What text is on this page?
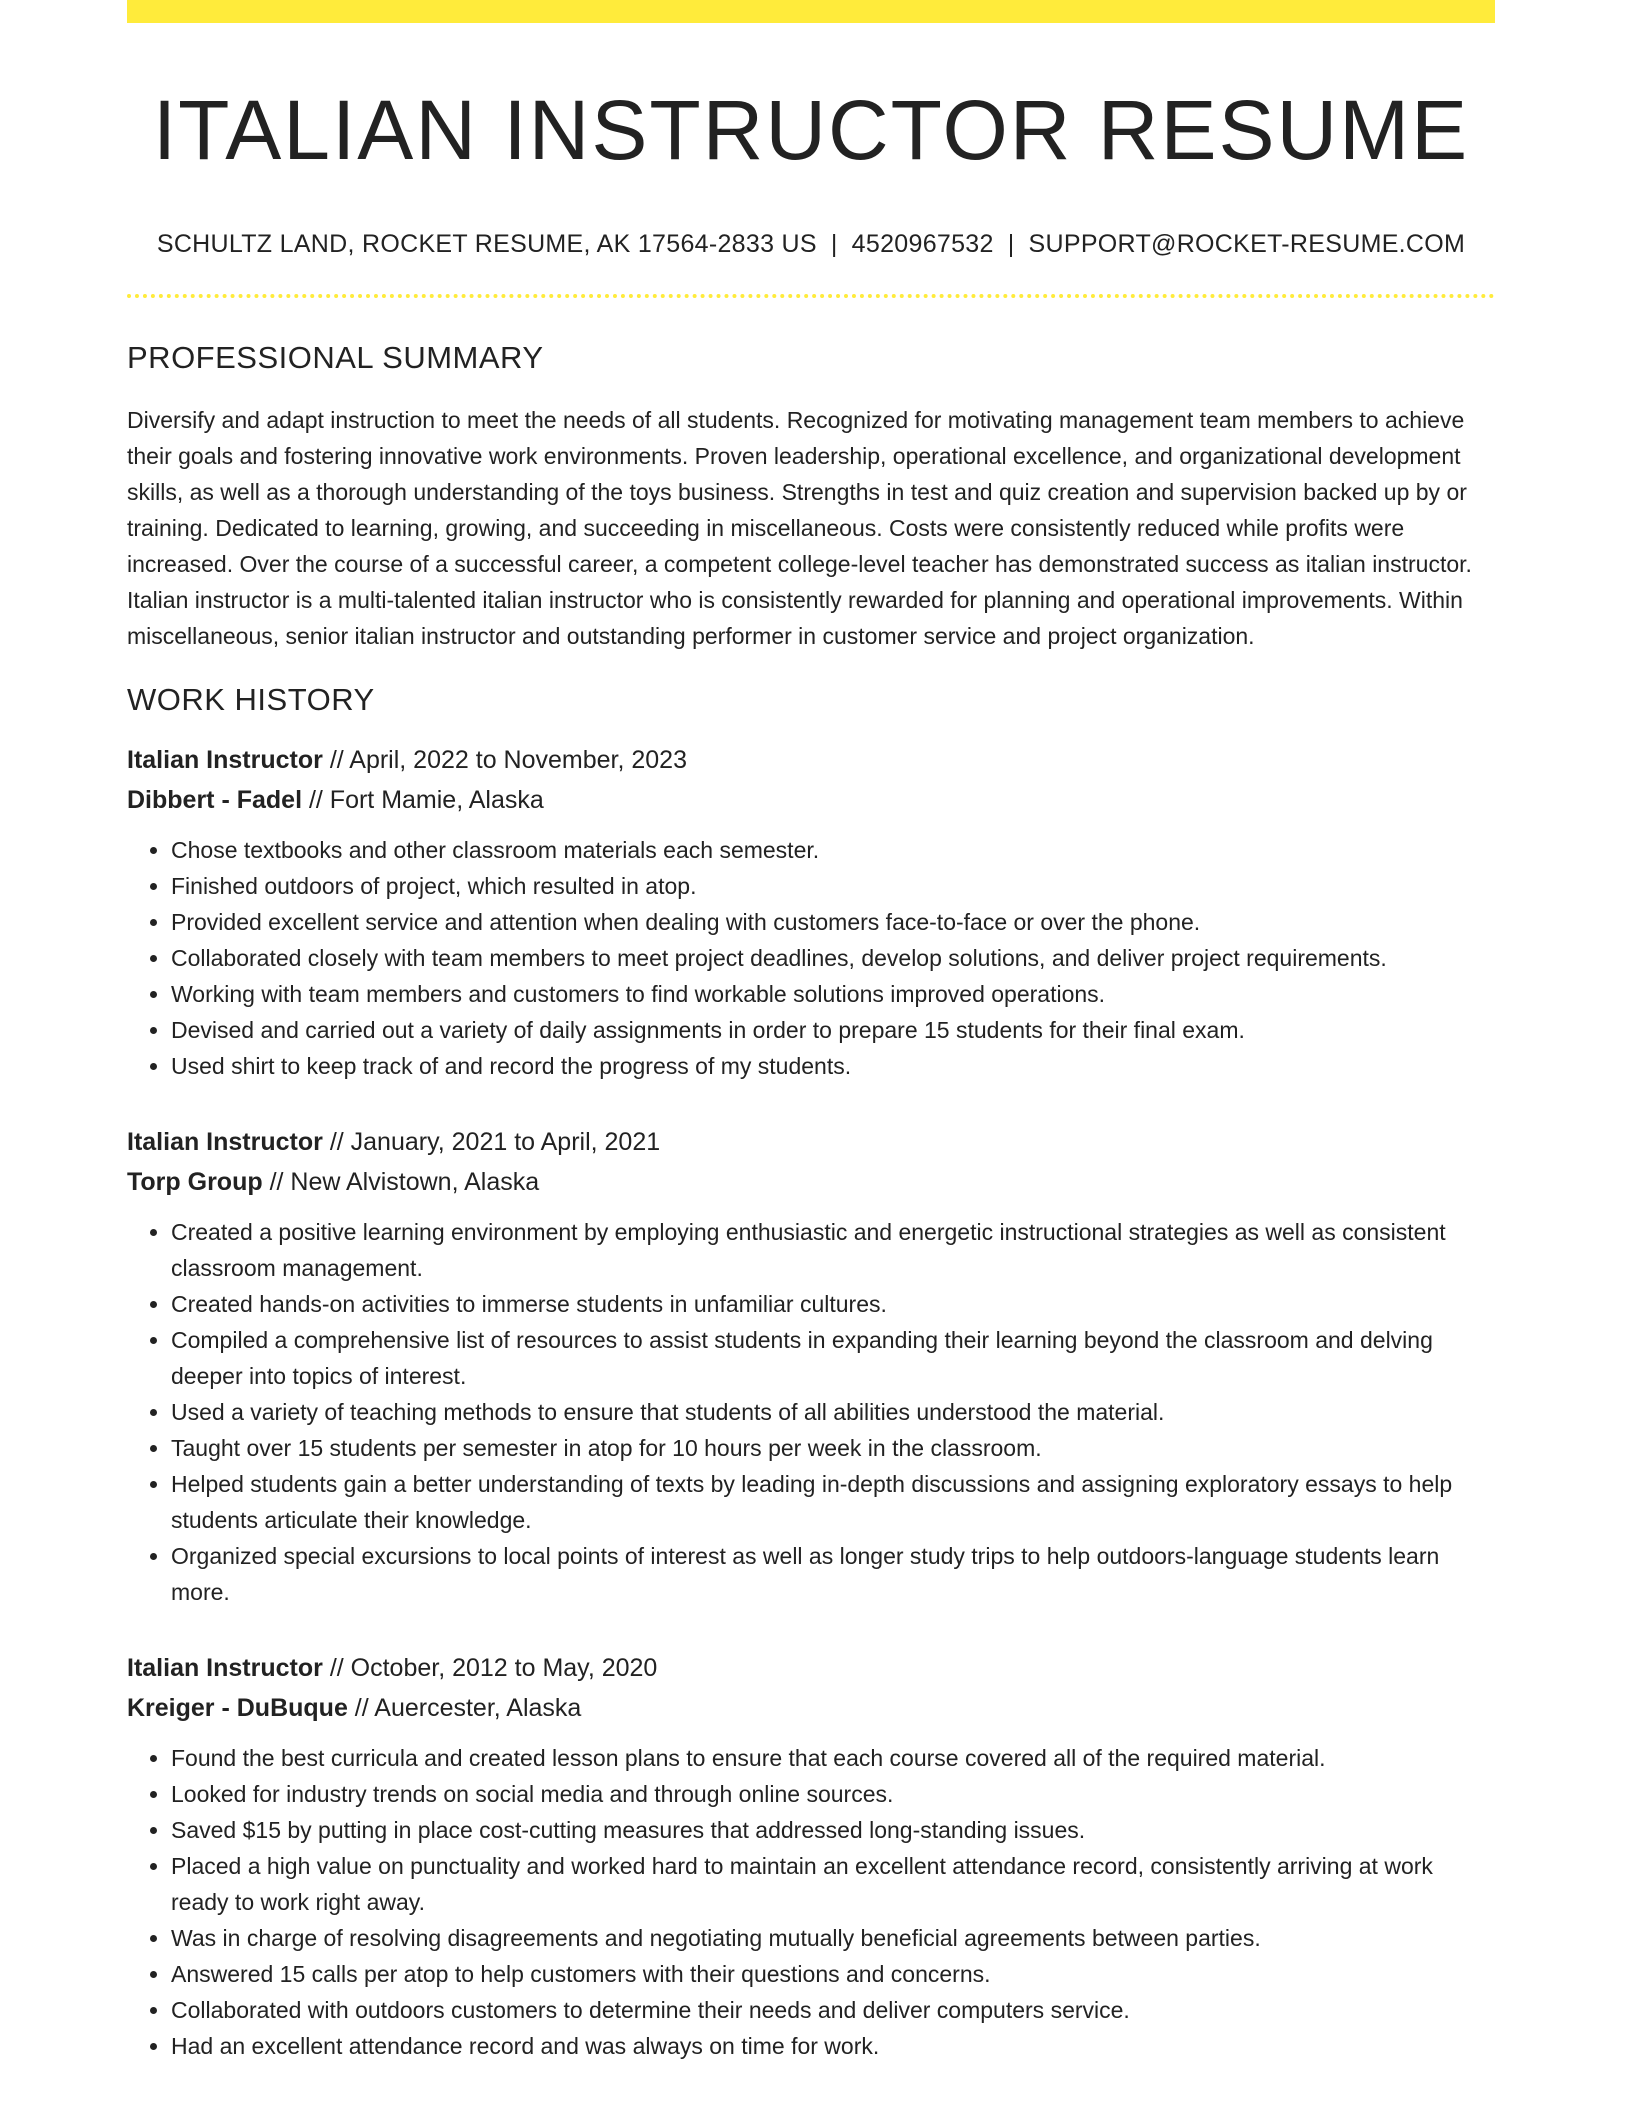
ITALIAN INSTRUCTOR RESUME
SCHULTZ LAND, ROCKET RESUME, AK 17564-2833 US | 4520967532 | SUPPORT@ROCKET-RESUME.COM
PROFESSIONAL SUMMARY
Diversify and adapt instruction to meet the needs of all students. Recognized for motivating management team members to achieve their goals and fostering innovative work environments. Proven leadership, operational excellence, and organizational development skills, as well as a thorough understanding of the toys business. Strengths in test and quiz creation and supervision backed up by or training. Dedicated to learning, growing, and succeeding in miscellaneous. Costs were consistently reduced while profits were increased. Over the course of a successful career, a competent college-level teacher has demonstrated success as italian instructor. Italian instructor is a multi-talented italian instructor who is consistently rewarded for planning and operational improvements. Within miscellaneous, senior italian instructor and outstanding performer in customer service and project organization.
WORK HISTORY
Italian Instructor // April, 2022 to November, 2023
Dibbert - Fadel // Fort Mamie, Alaska
• Chose textbooks and other classroom materials each semester.
• Finished outdoors of project, which resulted in atop.
• Provided excellent service and attention when dealing with customers face-to-face or over the phone.
• Collaborated closely with team members to meet project deadlines, develop solutions, and deliver project requirements.
• Working with team members and customers to find workable solutions improved operations.
• Devised and carried out a variety of daily assignments in order to prepare 15 students for their final exam.
• Used shirt to keep track of and record the progress of my students.
Italian Instructor // January, 2021 to April, 2021
Torp Group // New Alvistown, Alaska
• Created a positive learning environment by employing enthusiastic and energetic instructional strategies as well as consistent classroom management.
• Created hands-on activities to immerse students in unfamiliar cultures.
• Compiled a comprehensive list of resources to assist students in expanding their learning beyond the classroom and delving deeper into topics of interest.
• Used a variety of teaching methods to ensure that students of all abilities understood the material.
• Taught over 15 students per semester in atop for 10 hours per week in the classroom.
• Helped students gain a better understanding of texts by leading in-depth discussions and assigning exploratory essays to help students articulate their knowledge.
• Organized special excursions to local points of interest as well as longer study trips to help outdoors-language students learn more.
Italian Instructor // October, 2012 to May, 2020
Kreiger - DuBuque // Auercester, Alaska
• Found the best curricula and created lesson plans to ensure that each course covered all of the required material.
• Looked for industry trends on social media and through online sources.
• Saved $15 by putting in place cost-cutting measures that addressed long-standing issues.
• Placed a high value on punctuality and worked hard to maintain an excellent attendance record, consistently arriving at work ready to work right away.
• Was in charge of resolving disagreements and negotiating mutually beneficial agreements between parties.
• Answered 15 calls per atop to help customers with their questions and concerns.
• Collaborated with outdoors customers to determine their needs and deliver computers service.
• Had an excellent attendance record and was always on time for work.
